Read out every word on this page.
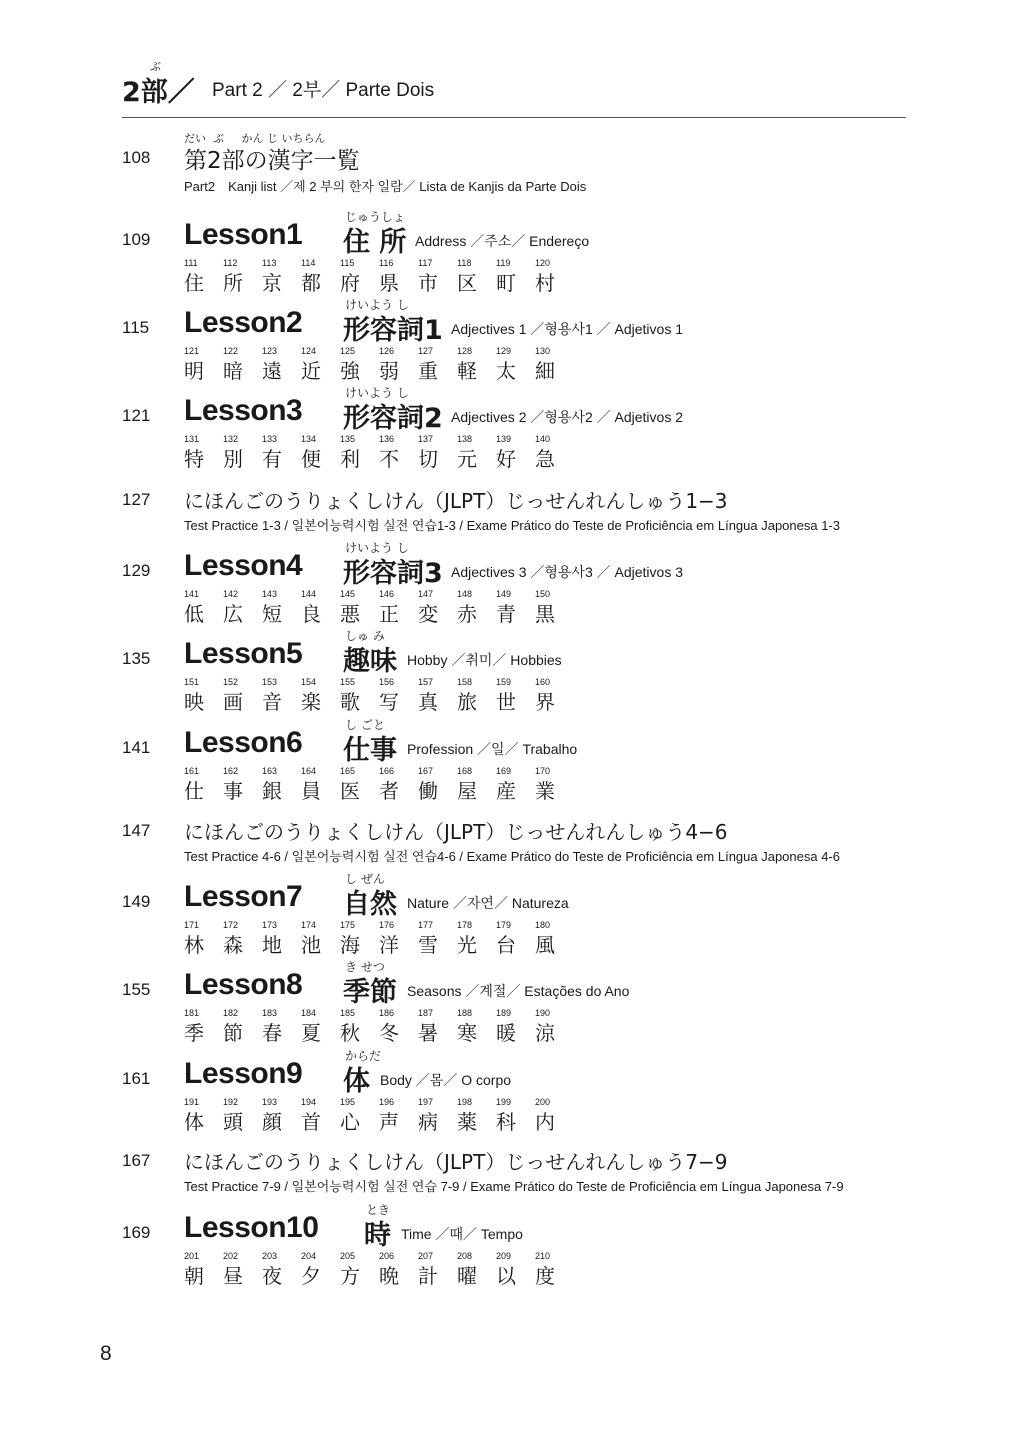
ぶ
2部／ Part 2 ／ 2부／ Parte Dois
108
だい  ぶ     かん じ いちらん
第2部の漢字一覧
Part2　Kanji list ／제 2 부의 한자 일람／ Lista de Kanjis da Parte Dois
109
じゅうしょ
Lesson1 住 所 Address ／주소／ Endereço
111
住
112
所
113
京
114
都
115
府
116
県
117
市
118
区
119
町
120
村
115
けいよう し
Lesson2 形容詞1 Adjectives 1 ／형용사1 ／ Adjetivos 1
121
明
122
暗
123
遠
124
近
125
強
126
弱
127
重
128
軽
129
太
130
細
121
けいよう し
Lesson3 形容詞2 Adjectives 2 ／형용사2 ／ Adjetivos 2
131
特
132
別
133
有
134
便
135
利
136
不
137
切
138
元
139
好
140
急
127 にほんごのうりょくしけん（JLPT）じっせんれんしゅう1−3
Test Practice 1-3 / 일본어능력시험 실전 연습1-3 / Exame Prático do Teste de Proficiência em Língua Japonesa 1-3
129
けいよう し
Lesson4 形容詞3 Adjectives 3 ／형용사3 ／ Adjetivos 3
141
低
142
広
143
短
144
良
145
悪
146
正
147
変
148
赤
149
青
150
黒
135
しゅ み
Lesson5 趣味 Hobby ／취미／ Hobbies
151
映
152
画
153
音
154
楽
155
歌
156
写
157
真
158
旅
159
世
160
界
141
し ごと
Lesson6 仕事 Profession ／일／ Trabalho
161
仕
162
事
163
銀
164
員
165
医
166
者
167
働
168
屋
169
産
170
業
147 にほんごのうりょくしけん（JLPT）じっせんれんしゅう4−6
Test Practice 4-6 / 일본어능력시험 실전 연습4-6 / Exame Prático do Teste de Proficiência em Língua Japonesa 4-6
149
し ぜん
Lesson7 自然 Nature ／자연／ Natureza
171
林
172
森
173
地
174
池
175
海
176
洋
177
雪
178
光
179
台
180
風
155
き せつ
Lesson8 季節 Seasons ／계절／ Estações do Ano
181
季
182
節
183
春
184
夏
185
秋
186
冬
187
暑
188
寒
189
暖
190
涼
161
からだ
Lesson9 体 Body ／몸／ O corpo
191
体
192
頭
193
顔
194
首
195
心
196
声
197
病
198
薬
199
科
200
内
167 にほんごのうりょくしけん（JLPT）じっせんれんしゅう7−9
Test Practice 7-9 / 일본어능력시험 실전 연습 7-9 / Exame Prático do Teste de Proficiência em Língua Japonesa 7-9
169
とき
Lesson10 時 Time ／때／ Tempo
201
朝
202
昼
203
夜
204
夕
205
方
206
晩
207
計
208
曜
209
以
210
度
8
